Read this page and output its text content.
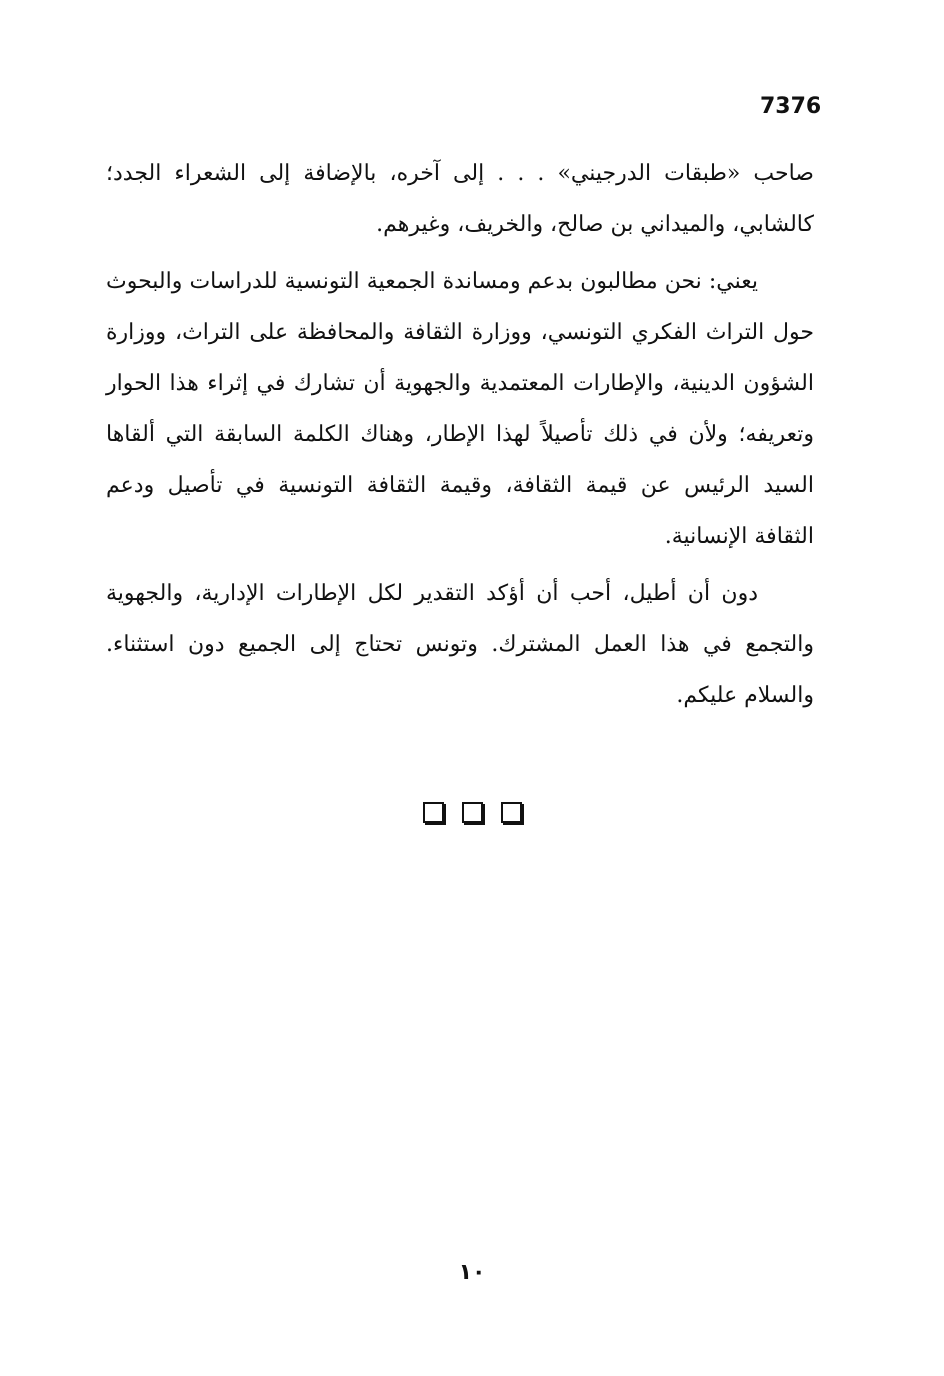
7376

صاحب «طبقات الدرجيني» . . . إلى آخره، بالإضافة إلى الشعراء الجدد؛ كالشابي، والميداني بن صالح، والخريف، وغيرهم.

يعني: نحن مطالبون بدعم ومساندة الجمعية التونسية للدراسات والبحوث حول التراث الفكري التونسي، ووزارة الثقافة والمحافظة على التراث، ووزارة الشؤون الدينية، والإطارات المعتمدية والجهوية أن تشارك في إثراء هذا الحوار وتعريفه؛ ولأن في ذلك تأصيلاً لهذا الإطار، وهناك الكلمة السابقة التي ألقاها السيد الرئيس عن قيمة الثقافة، وقيمة الثقافة التونسية في تأصيل ودعم الثقافة الإنسانية.

دون أن أطيل، أحب أن أؤكد التقدير لكل الإطارات الإدارية، والجهوية والتجمع في هذا العمل المشترك. وتونس تحتاج إلى الجميع دون استثناء. والسلام عليكم.

١٠
